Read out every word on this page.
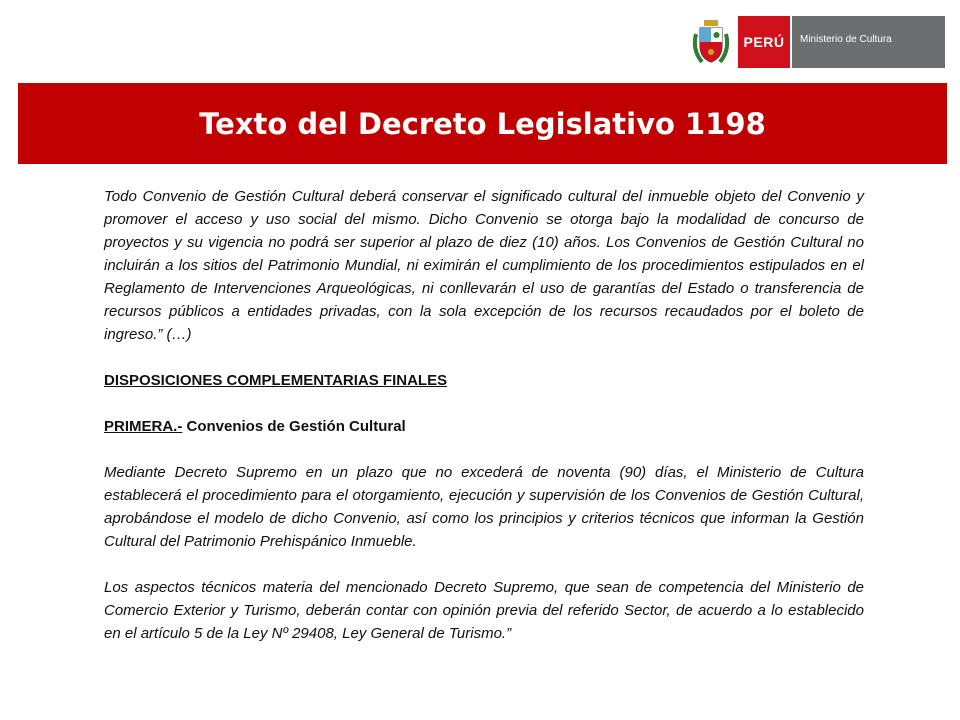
PERÚ Ministerio de Cultura
Texto del Decreto Legislativo 1198

Todo Convenio de Gestión Cultural deberá conservar el significado cultural del inmueble objeto del Convenio y promover el acceso y uso social del mismo. Dicho Convenio se otorga bajo la modalidad de concurso de proyectos y su vigencia no podrá ser superior al plazo de diez (10) años. Los Convenios de Gestión Cultural no incluirán a los sitios del Patrimonio Mundial, ni eximirán el cumplimiento de los procedimientos estipulados en el Reglamento de Intervenciones Arqueológicas, ni conllevarán el uso de garantías del Estado o transferencia de recursos públicos a entidades privadas, con la sola excepción de los recursos recaudados por el boleto de ingreso.” (…)

DISPOSICIONES COMPLEMENTARIAS FINALES

PRIMERA.- Convenios de Gestión Cultural

Mediante Decreto Supremo en un plazo que no excederá de noventa (90) días, el Ministerio de Cultura establecerá el procedimiento para el otorgamiento, ejecución y supervisión de los Convenios de Gestión Cultural, aprobándose el modelo de dicho Convenio, así como los principios y criterios técnicos que informan la Gestión Cultural del Patrimonio Prehispánico Inmueble.

Los aspectos técnicos materia del mencionado Decreto Supremo, que sean de competencia del Ministerio de Comercio Exterior y Turismo, deberán contar con opinión previa del referido Sector, de acuerdo a lo establecido en el artículo 5 de la Ley Nº 29408, Ley General de Turismo.”
